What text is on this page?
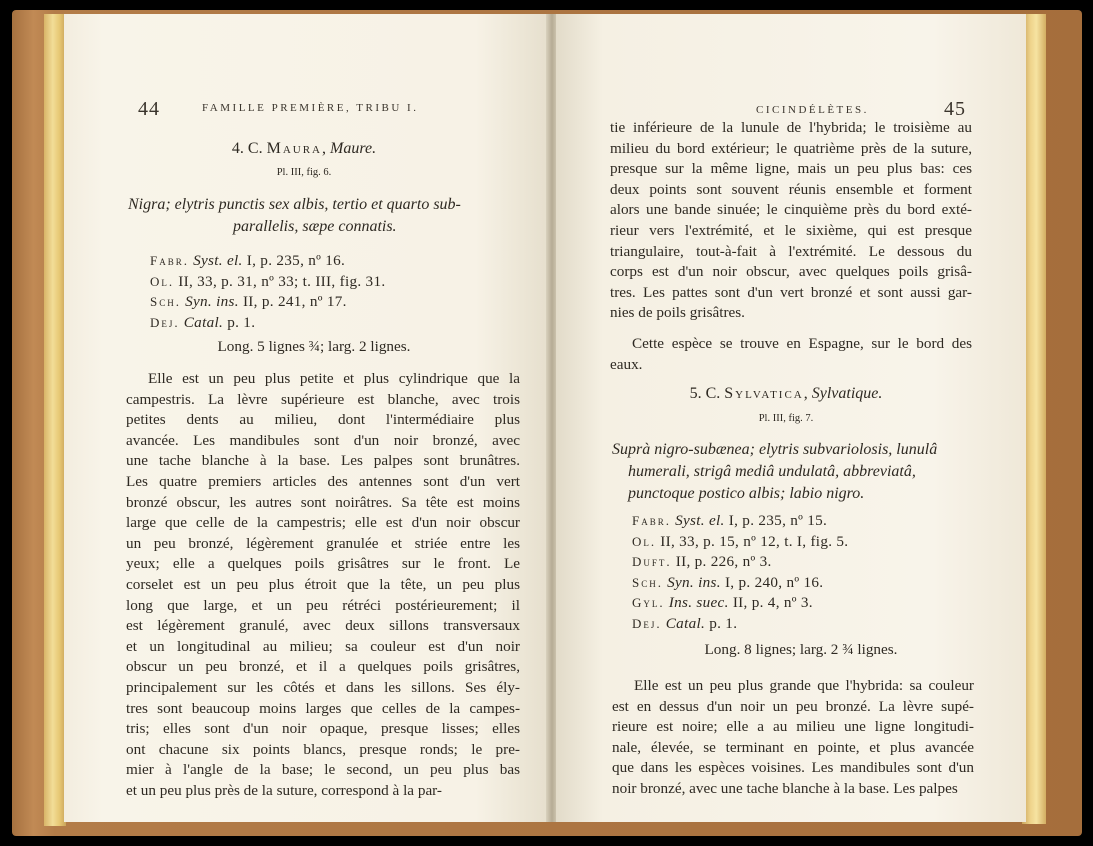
44	FAMILLE PREMIÈRE, TRIBU I.
4. C. Maura, Maure.
Pl. III, fig. 6.
Nigra; elytris punctis sex albis, tertio et quarto sub-
parallelis, sæpe connatis.
Fabr. Syst. el. I, p. 235, nº 16.
Ol. II, 33, p. 31, nº 33; t. III, fig. 31.
Sch. Syn. ins. II, p. 241, nº 17.
Dej. Catal. p. 1.
Long. 5 lignes ¾; larg. 2 lignes.
Elle est un peu plus petite et plus cylindrique que la
campestris. La lèvre supérieure est blanche, avec trois
petites dents au milieu, dont l'intermédiaire plus
avancée. Les mandibules sont d'un noir bronzé, avec
une tache blanche à la base. Les palpes sont brunâtres.
Les quatre premiers articles des antennes sont d'un vert
bronzé obscur, les autres sont noirâtres. Sa tête est moins
large que celle de la campestris; elle est d'un noir obscur
un peu bronzé, légèrement granulée et striée entre les
yeux; elle a quelques poils grisâtres sur le front. Le
corselet est un peu plus étroit que la tête, un peu plus
long que large, et un peu rétréci postérieurement; il
est légèrement granulé, avec deux sillons transversaux
et un longitudinal au milieu; sa couleur est d'un noir
obscur un peu bronzé, et il a quelques poils grisâtres,
principalement sur les côtés et dans les sillons. Ses ély-
tres sont beaucoup moins larges que celles de la campes-
tris; elles sont d'un noir opaque, presque lisses; elles
ont chacune six points blancs, presque ronds; le pre-
mier à l'angle de la base; le second, un peu plus bas
et un peu plus près de la suture, correspond à la par-
CICINDÉLÈTES.	45
tie inférieure de la lunule de l'hybrida; le troisième au
milieu du bord extérieur; le quatrième près de la suture,
presque sur la même ligne, mais un peu plus bas: ces
deux points sont souvent réunis ensemble et forment
alors une bande sinuée; le cinquième près du bord exté-
rieur vers l'extrémité, et le sixième, qui est presque
triangulaire, tout-à-fait à l'extrémité. Le dessous du
corps est d'un noir obscur, avec quelques poils grisâ-
tres. Les pattes sont d'un vert bronzé et sont aussi gar-
nies de poils grisâtres.
Cette espèce se trouve en Espagne, sur le bord des
eaux.
5. C. Sylvatica, Sylvatique.
Pl. III, fig. 7.
Suprà nigro-subænea; elytris subvariolosis, lunulâ
humerali, strigâ mediâ undulatâ, abbreviatâ,
punctoque postico albis; labio nigro.
Fabr. Syst. el. I, p. 235, nº 15.
Ol. II, 33, p. 15, nº 12, t. I, fig. 5.
Duft. II, p. 226, nº 3.
Sch. Syn. ins. I, p. 240, nº 16.
Gyl. Ins. suec. II, p. 4, nº 3.
Dej. Catal. p. 1.
Long. 8 lignes; larg. 2 ¾ lignes.
Elle est un peu plus grande que l'hybrida: sa couleur
est en dessus d'un noir un peu bronzé. La lèvre supé-
rieure est noire; elle a au milieu une ligne longitudi-
nale, élevée, se terminant en pointe, et plus avancée
que dans les espèces voisines. Les mandibules sont d'un
noir bronzé, avec une tache blanche à la base. Les palpes
